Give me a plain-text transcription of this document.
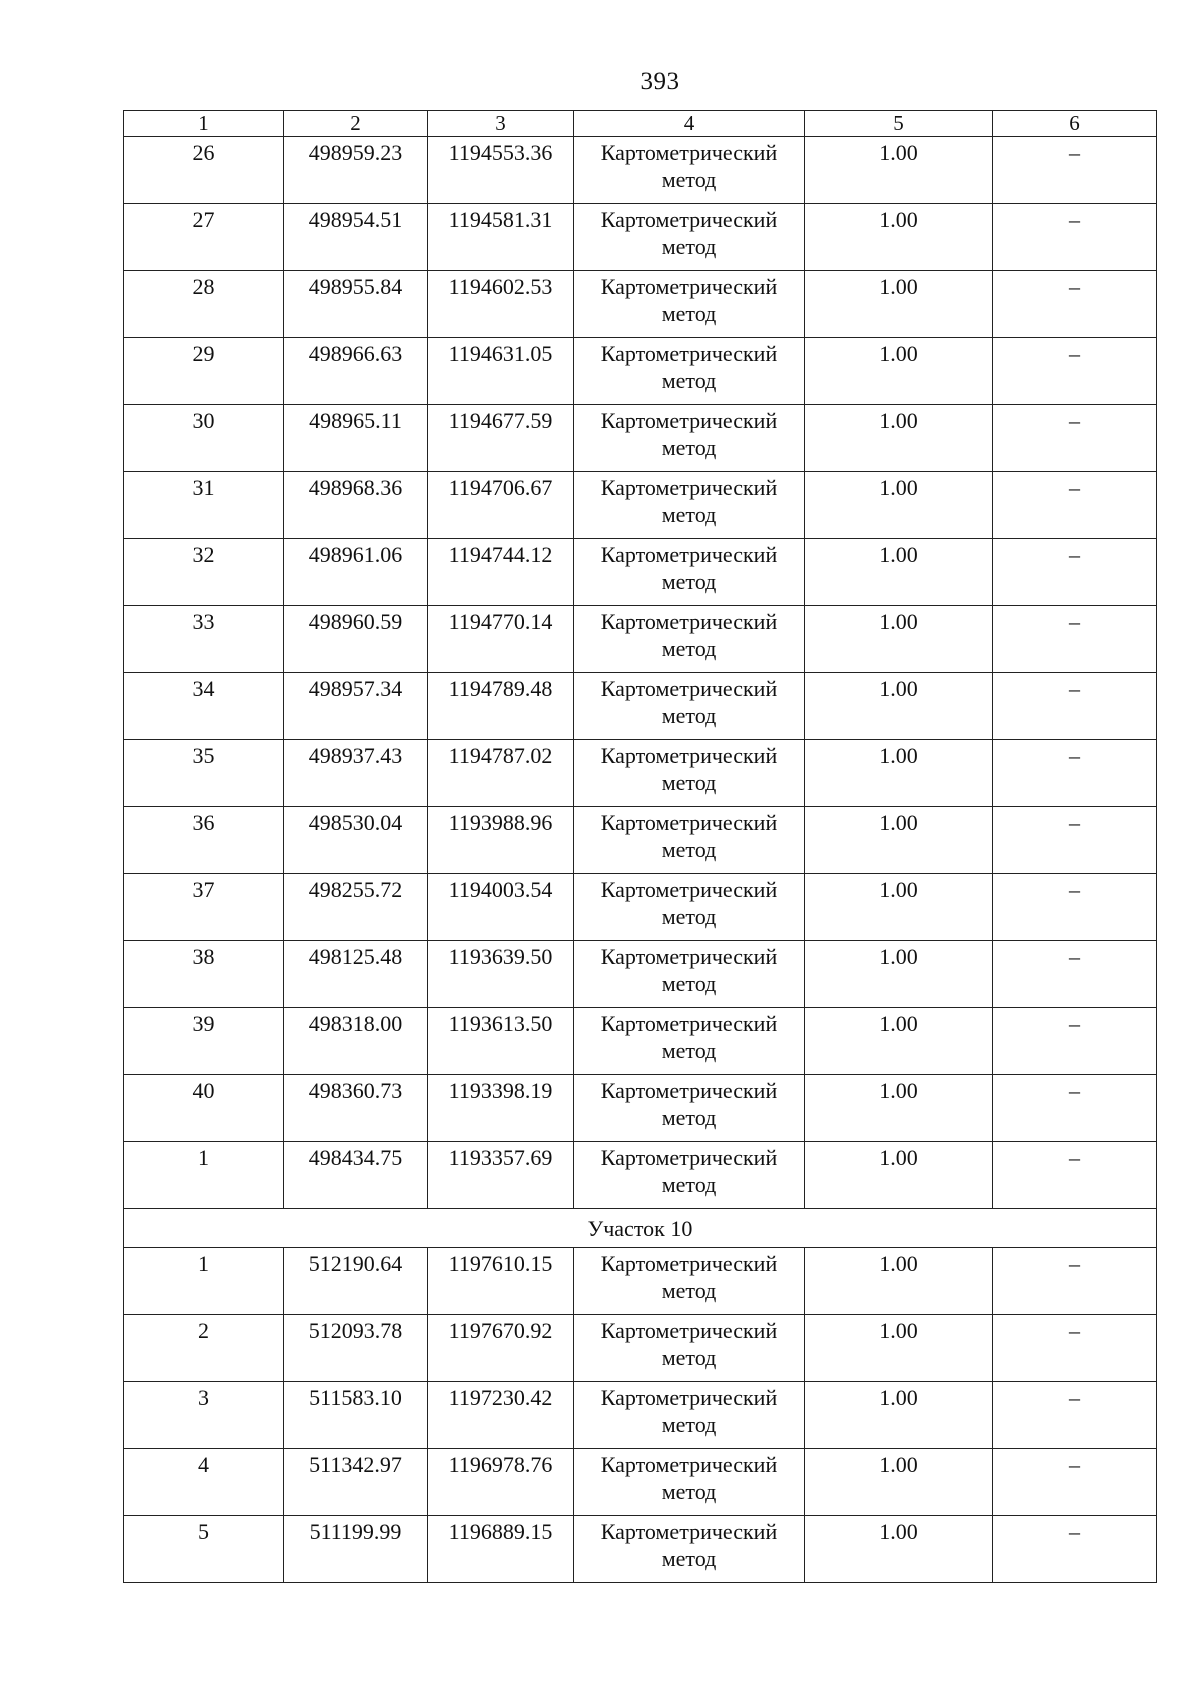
393
1	2	3	4	5	6
26	498959.23	1194553.36	Картометрический метод	1.00	–
27	498954.51	1194581.31	Картометрический метод	1.00	–
28	498955.84	1194602.53	Картометрический метод	1.00	–
29	498966.63	1194631.05	Картометрический метод	1.00	–
30	498965.11	1194677.59	Картометрический метод	1.00	–
31	498968.36	1194706.67	Картометрический метод	1.00	–
32	498961.06	1194744.12	Картометрический метод	1.00	–
33	498960.59	1194770.14	Картометрический метод	1.00	–
34	498957.34	1194789.48	Картометрический метод	1.00	–
35	498937.43	1194787.02	Картометрический метод	1.00	–
36	498530.04	1193988.96	Картометрический метод	1.00	–
37	498255.72	1194003.54	Картометрический метод	1.00	–
38	498125.48	1193639.50	Картометрический метод	1.00	–
39	498318.00	1193613.50	Картометрический метод	1.00	–
40	498360.73	1193398.19	Картометрический метод	1.00	–
1	498434.75	1193357.69	Картометрический метод	1.00	–
Участок 10					
1	512190.64	1197610.15	Картометрический метод	1.00	–
2	512093.78	1197670.92	Картометрический метод	1.00	–
3	511583.10	1197230.42	Картометрический метод	1.00	–
4	511342.97	1196978.76	Картометрический метод	1.00	–
5	511199.99	1196889.15	Картометрический метод	1.00	–
